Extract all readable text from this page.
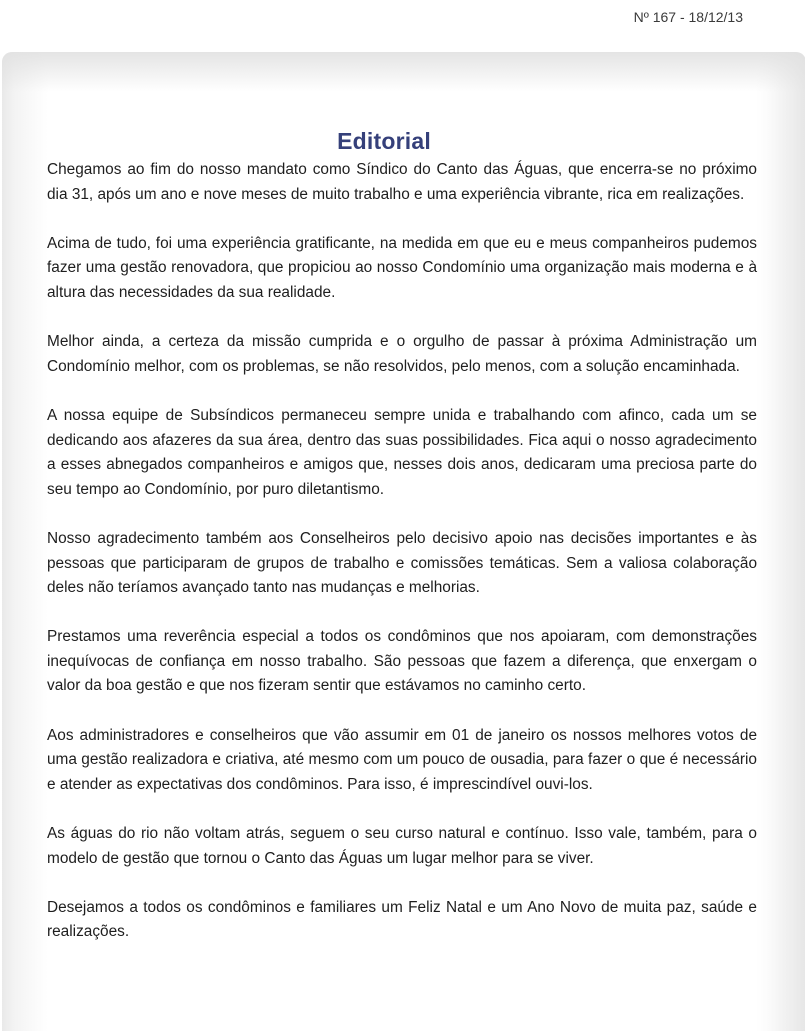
Nº 167 - 18/12/13
Editorial

Chegamos ao fim do nosso mandato como Síndico do Canto das Águas, que encerra-se no próximo dia 31, após um ano e nove meses de muito trabalho e uma experiência vibrante, rica em realizações.

Acima de tudo, foi uma experiência gratificante, na medida em que eu e meus companheiros pudemos fazer uma gestão renovadora, que propiciou ao nosso Condomínio uma organização mais moderna e à altura das necessidades da sua realidade.

Melhor ainda, a certeza da missão cumprida e o orgulho de passar à próxima Administração um Condomínio melhor, com os problemas, se não resolvidos, pelo menos, com a solução encaminhada.

A nossa equipe de Subsíndicos permaneceu sempre unida e trabalhando com afinco, cada um se dedicando aos afazeres da sua área, dentro das suas possibilidades. Fica aqui o nosso agradecimento a esses abnegados companheiros e amigos que, nesses dois anos, dedicaram uma preciosa parte do seu tempo ao Condomínio, por puro diletantismo.

Nosso agradecimento também aos Conselheiros pelo decisivo apoio nas decisões importantes e às pessoas que participaram de grupos de trabalho e comissões temáticas. Sem a valiosa colaboração deles não teríamos avançado tanto nas mudanças e melhorias.

Prestamos uma reverência especial a todos os condôminos que nos apoiaram, com demonstrações inequívocas de confiança em nosso trabalho. São pessoas que fazem a diferença, que enxergam o valor da boa gestão e que nos fizeram sentir que estávamos no caminho certo.

Aos administradores e conselheiros que vão assumir em 01 de janeiro os nossos melhores votos de uma gestão realizadora e criativa, até mesmo com um pouco de ousadia, para fazer o que é necessário e atender as expectativas dos condôminos. Para isso, é imprescindível ouvi-los.

As águas do rio não voltam atrás, seguem o seu curso natural e contínuo. Isso vale, também, para o modelo de gestão que tornou o Canto das Águas um lugar melhor para se viver.

Desejamos a todos os condôminos e familiares um Feliz Natal e um Ano Novo de muita paz, saúde e realizações.
